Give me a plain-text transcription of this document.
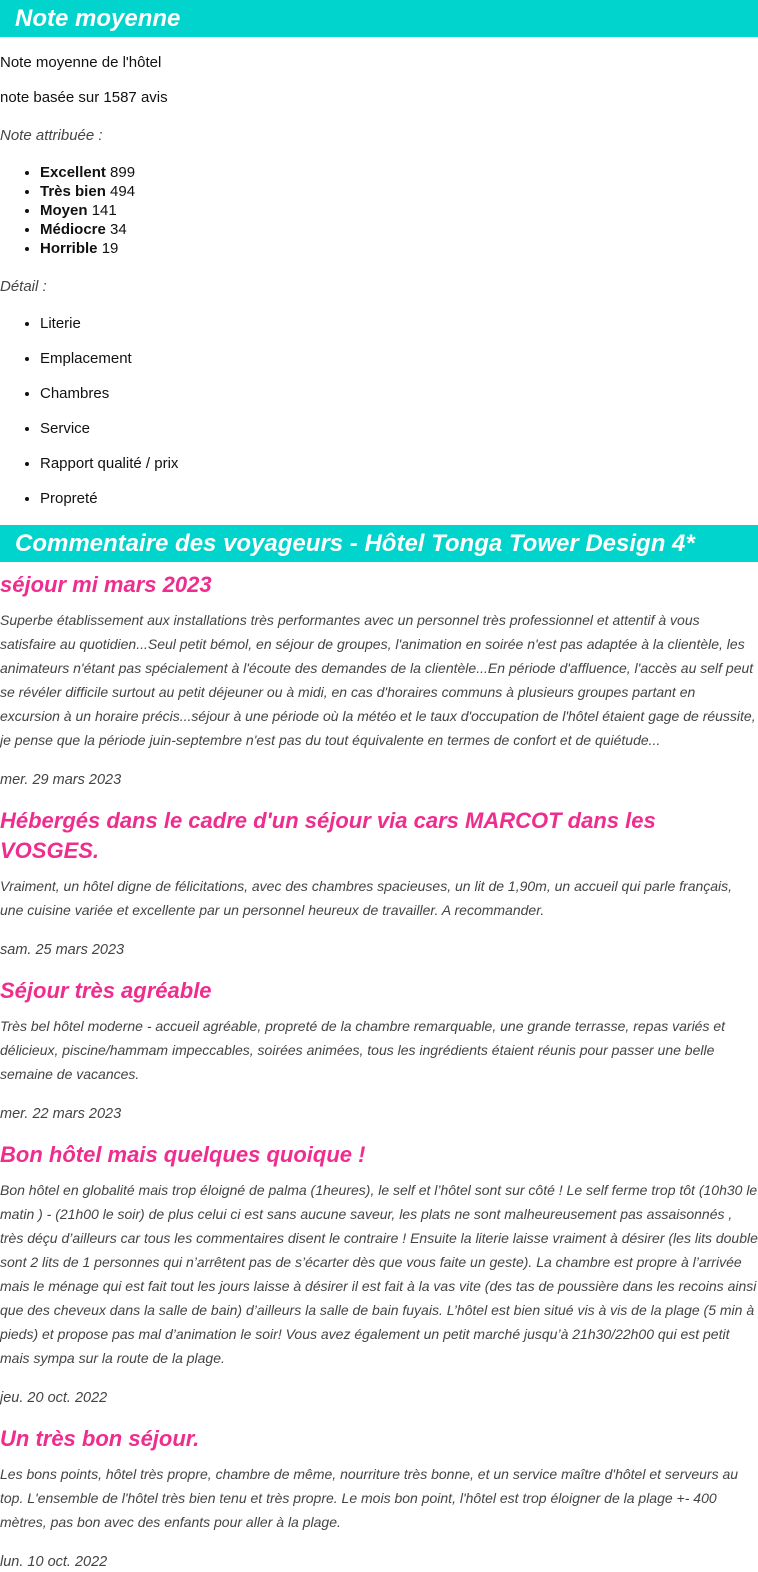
Note moyenne

Note moyenne de l'hôtel

note basée sur 1587 avis

Note attribuée :

• Excellent 899
• Très bien 494
• Moyen 141
• Médiocre 34
• Horrible 19

Détail :

• Literie
• Emplacement
• Chambres
• Service
• Rapport qualité / prix
• Propreté
Commentaire des voyageurs - Hôtel Tonga Tower Design 4*
séjour mi mars 2023

Superbe établissement aux installations très performantes avec un personnel très professionnel et attentif à vous satisfaire au quotidien...Seul petit bémol, en séjour de groupes, l'animation en soirée n'est pas adaptée à la clientèle, les animateurs n'étant pas spécialement à l'écoute des demandes de la clientèle...En période d'affluence, l'accès au self peut se révéler difficile surtout au petit déjeuner ou à midi, en cas d'horaires communs à plusieurs groupes partant en excursion à un horaire précis...séjour à une période où la météo et le taux d'occupation de l'hôtel étaient gage de réussite, je pense que la période juin-septembre n'est pas du tout équivalente en termes de confort et de quiétude...

mer. 29 mars 2023

Hébergés dans le cadre d'un séjour via cars MARCOT dans les VOSGES.

Vraiment, un hôtel digne de félicitations, avec des chambres spacieuses, un lit de 1,90m, un accueil qui parle français, une cuisine variée et excellente par un personnel heureux de travailler. A recommander.

sam. 25 mars 2023

Séjour très agréable

Très bel hôtel moderne - accueil agréable, propreté de la chambre remarquable, une grande terrasse, repas variés et délicieux, piscine/hammam impeccables, soirées animées, tous les ingrédients étaient réunis pour passer une belle semaine de vacances.

mer. 22 mars 2023

Bon hôtel mais quelques quoique !

Bon hôtel en globalité mais trop éloigné de palma (1heures), le self et l’hôtel sont sur côté ! Le self ferme trop tôt (10h30 le matin ) - (21h00 le soir) de plus celui ci est sans aucune saveur, les plats ne sont malheureusement pas assaisonnés , très déçu d’ailleurs car tous les commentaires disent le contraire ! Ensuite la literie laisse vraiment à désirer (les lits double sont 2 lits de 1 personnes qui n’arrêtent pas de s’écarter dès que vous faite un geste). La chambre est propre à l’arrivée mais le ménage qui est fait tout les jours laisse à désirer il est fait à la vas vite (des tas de poussière dans les recoins ainsi que des cheveux dans la salle de bain) d’ailleurs la salle de bain fuyais. L’hôtel est bien situé vis à vis de la plage (5 min à pieds) et propose pas mal d’animation le soir! Vous avez également un petit marché jusqu’à 21h30/22h00 qui est petit mais sympa sur la route de la plage.

jeu. 20 oct. 2022

Un très bon séjour.

Les bons points, hôtel très propre, chambre de même, nourriture très bonne, et un service maître d'hôtel et serveurs au top. L'ensemble de l'hôtel très bien tenu et très propre. Le mois bon point, l'hôtel est trop éloigner de la plage +- 400 mètres, pas bon avec des enfants pour aller à la plage.

lun. 10 oct. 2022
